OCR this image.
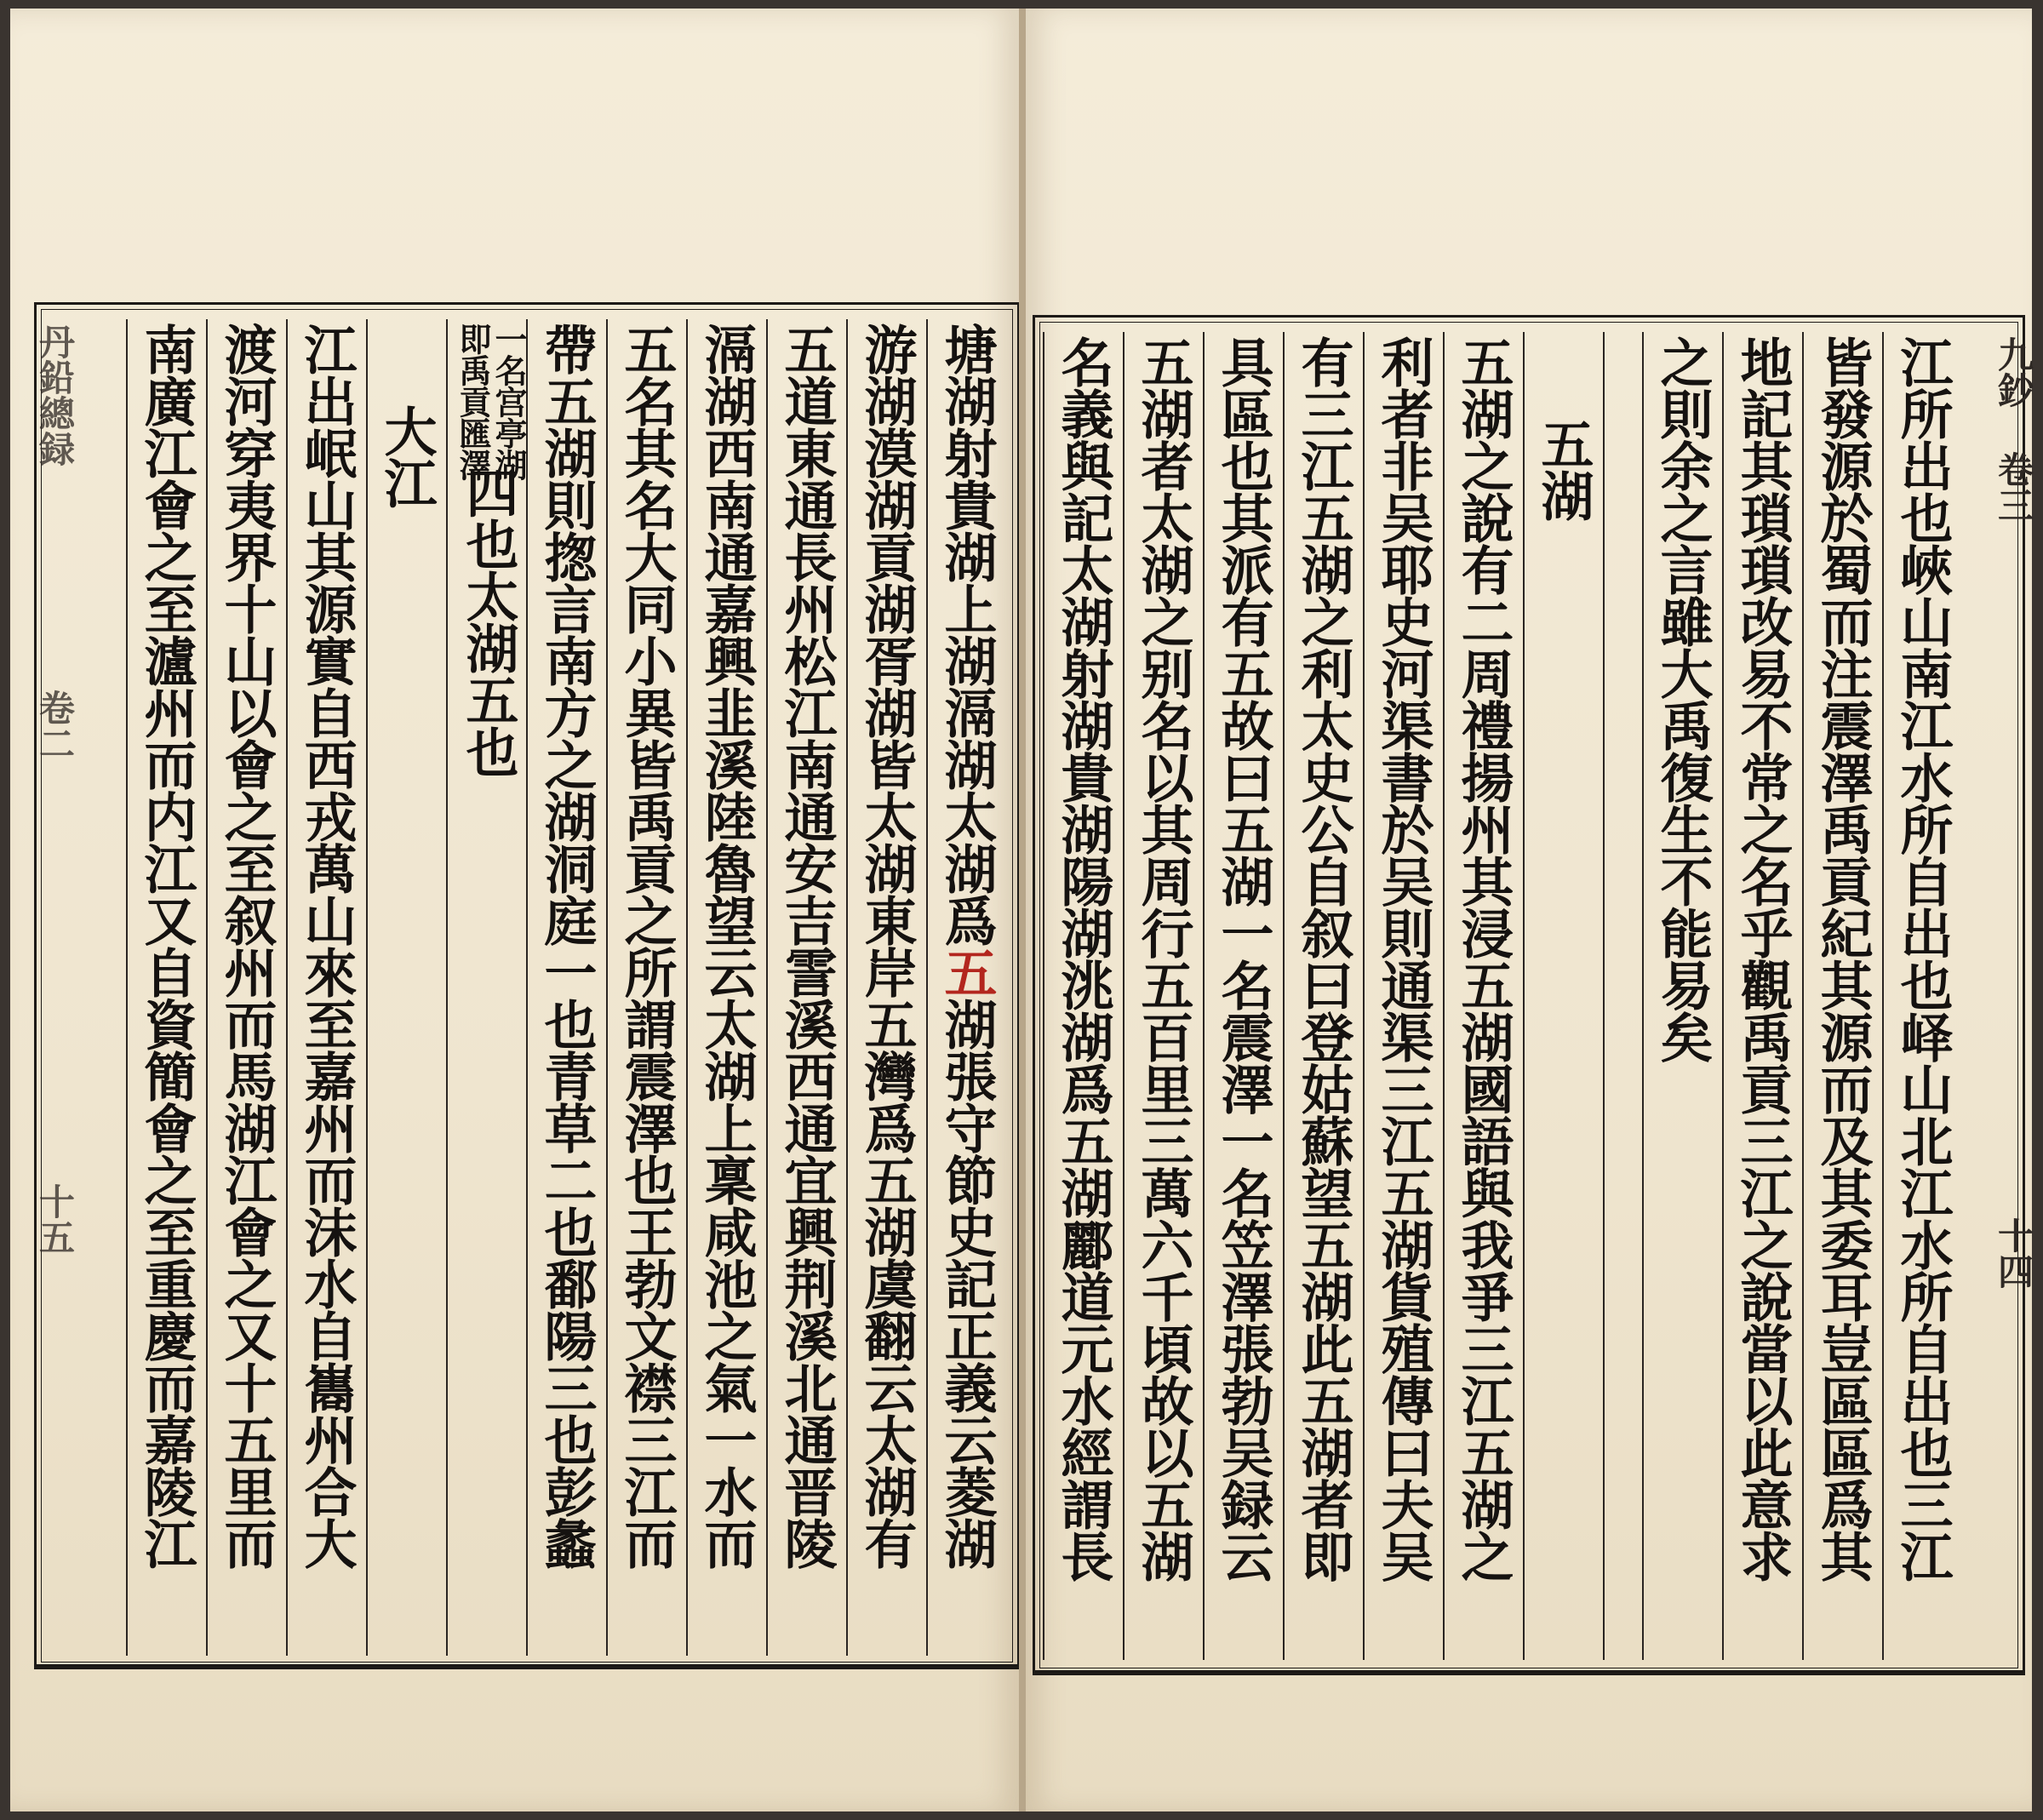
丹鉛總録
卷二
十五
塘湖射貴湖上湖滆湖太湖爲五湖張守節史記正義云菱湖
游湖漠湖貢湖胥湖皆太湖東岸五灣爲五湖虞翻云太湖有
五道東通長州松江南通安吉霅溪西通宜興荆溪北通晋陵
滆湖西南通嘉興韭溪陸魯望云太湖上稟咸池之氣一水而
五名其名大同小異皆禹貢之所謂震澤也王勃文襟三江而
帶五湖則揔言南方之湖洞庭一也青草二也鄱陽三也彭蠡
一名宫亭湖
即禹貢匯澤
四也太湖五也
大江
江出岷山其源實自西戎萬山來至嘉州而沫水自巂州合大
渡河穿夷界十山以會之至叙州而馬湖江會之又十五里而
南廣江會之至瀘州而内江又自資簡會之至重慶而嘉陵江	九鈔
卷三
十四
江所出也峽山南江水所自出也峄山北江水所自出也三江
皆發源於蜀而注震澤禹貢紀其源而及其委耳豈區區爲其
地記其瑣瑣改易不常之名乎觀禹貢三江之說當以此意求
之則余之言雖大禹復生不能易矣
五湖
五湖之說有二周禮揚州其浸五湖國語與我爭三江五湖之
利者非吴耶史河渠書於吴則通渠三江五湖貨殖傳曰夫吴
有三江五湖之利太史公自叙曰登姑蘇望五湖此五湖者即
具區也其派有五故曰五湖一名震澤一名笠澤張勃吴録云
五湖者太湖之别名以其周行五百里三萬六千頃故以五湖
名義與記太湖射湖貴湖陽湖洮湖爲五湖酈道元水經謂長
